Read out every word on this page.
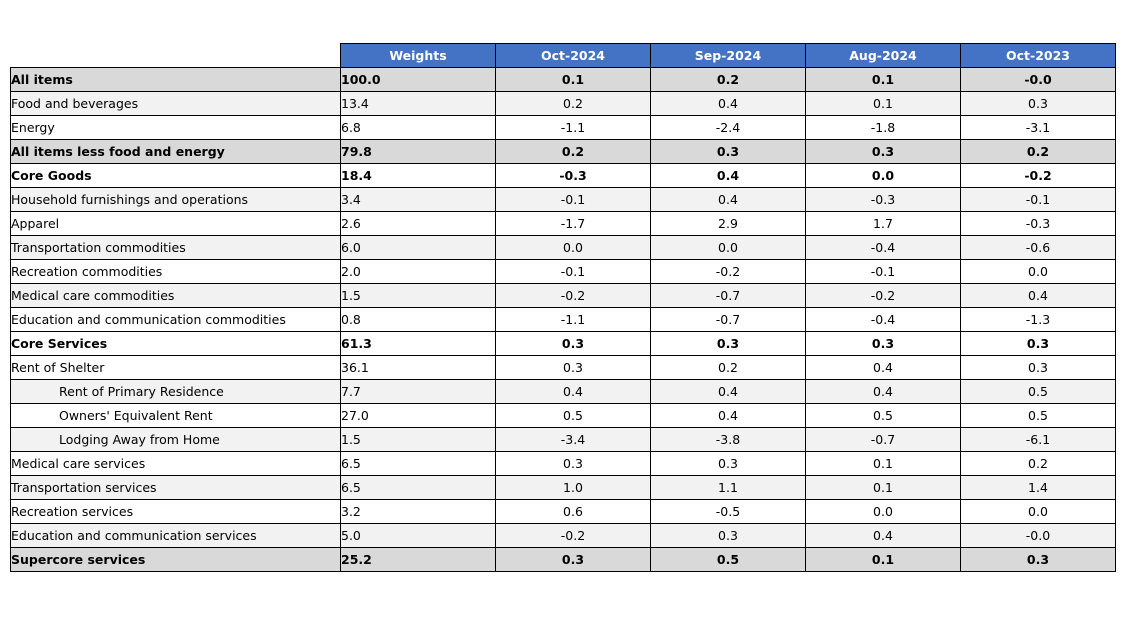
	Weights	Oct-2024	Sep-2024	Aug-2024	Oct-2023
All items	100.0	0.1	0.2	0.1	-0.0
Food and beverages	13.4	0.2	0.4	0.1	0.3
Energy	6.8	-1.1	-2.4	-1.8	-3.1
All items less food and energy	79.8	0.2	0.3	0.3	0.2
Core Goods	18.4	-0.3	0.4	0.0	-0.2
Household furnishings and operations	3.4	-0.1	0.4	-0.3	-0.1
Apparel	2.6	-1.7	2.9	1.7	-0.3
Transportation commodities	6.0	0.0	0.0	-0.4	-0.6
Recreation commodities	2.0	-0.1	-0.2	-0.1	0.0
Medical care commodities	1.5	-0.2	-0.7	-0.2	0.4
Education and communication commodities	0.8	-1.1	-0.7	-0.4	-1.3
Core Services	61.3	0.3	0.3	0.3	0.3
Rent of Shelter	36.1	0.3	0.2	0.4	0.3
Rent of Primary Residence	7.7	0.4	0.4	0.4	0.5
Owners' Equivalent Rent	27.0	0.5	0.4	0.5	0.5
Lodging Away from Home	1.5	-3.4	-3.8	-0.7	-6.1
Medical care services	6.5	0.3	0.3	0.1	0.2
Transportation services	6.5	1.0	1.1	0.1	1.4
Recreation services	3.2	0.6	-0.5	0.0	0.0
Education and communication services	5.0	-0.2	0.3	0.4	-0.0
Supercore services	25.2	0.3	0.5	0.1	0.3
